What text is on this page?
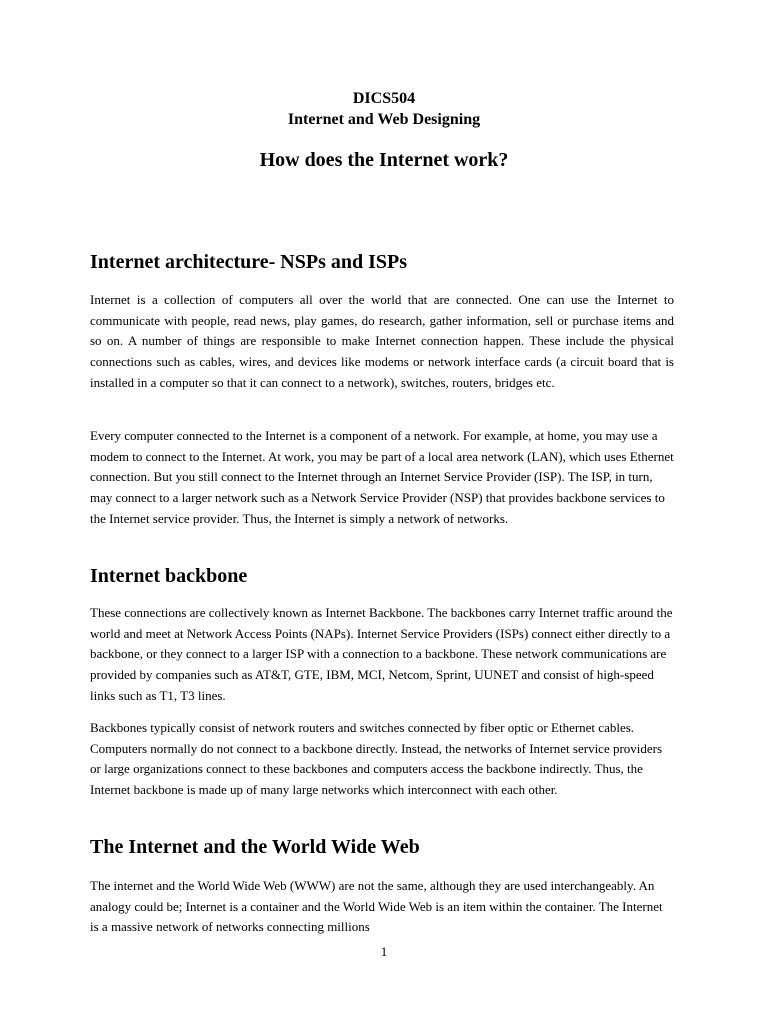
DICS504
Internet and Web Designing
How does the Internet work?
Internet architecture- NSPs and ISPs

Internet is a collection of computers all over the world that are connected. One can use the Internet to communicate with people, read news, play games, do research, gather information, sell or purchase items and so on. A number of things are responsible to make Internet connection happen. These include the physical connections such as cables, wires, and devices like modems or network interface cards (a circuit board that is installed in a computer so that it can connect to a network), switches, routers, bridges etc.

Every computer connected to the Internet is a component of a network. For example, at home, you may use a modem to connect to the Internet. At work, you may be part of a local area network (LAN), which uses Ethernet connection. But you still connect to the Internet through an Internet Service Provider (ISP). The ISP, in turn, may connect to a larger network such as a Network Service Provider (NSP) that provides backbone services to the Internet service provider. Thus, the Internet is simply a network of networks.

Internet backbone

These connections are collectively known as Internet Backbone. The backbones carry Internet traffic around the world and meet at Network Access Points (NAPs). Internet Service Providers (ISPs) connect either directly to a backbone, or they connect to a larger ISP with a connection to a backbone. These network communications are provided by companies such as AT&T, GTE, IBM, MCI, Netcom, Sprint, UUNET and consist of high-speed links such as T1, T3 lines.

Backbones typically consist of network routers and switches connected by fiber optic or Ethernet cables. Computers normally do not connect to a backbone directly. Instead, the networks of Internet service providers or large organizations connect to these backbones and computers access the backbone indirectly. Thus, the Internet backbone is made up of many large networks which interconnect with each other.

The Internet and the World Wide Web

The internet and the World Wide Web (WWW) are not the same, although they are used interchangeably. An analogy could be; Internet is a container and the World Wide Web is an item within the container. The Internet is a massive network of networks connecting millions

1
